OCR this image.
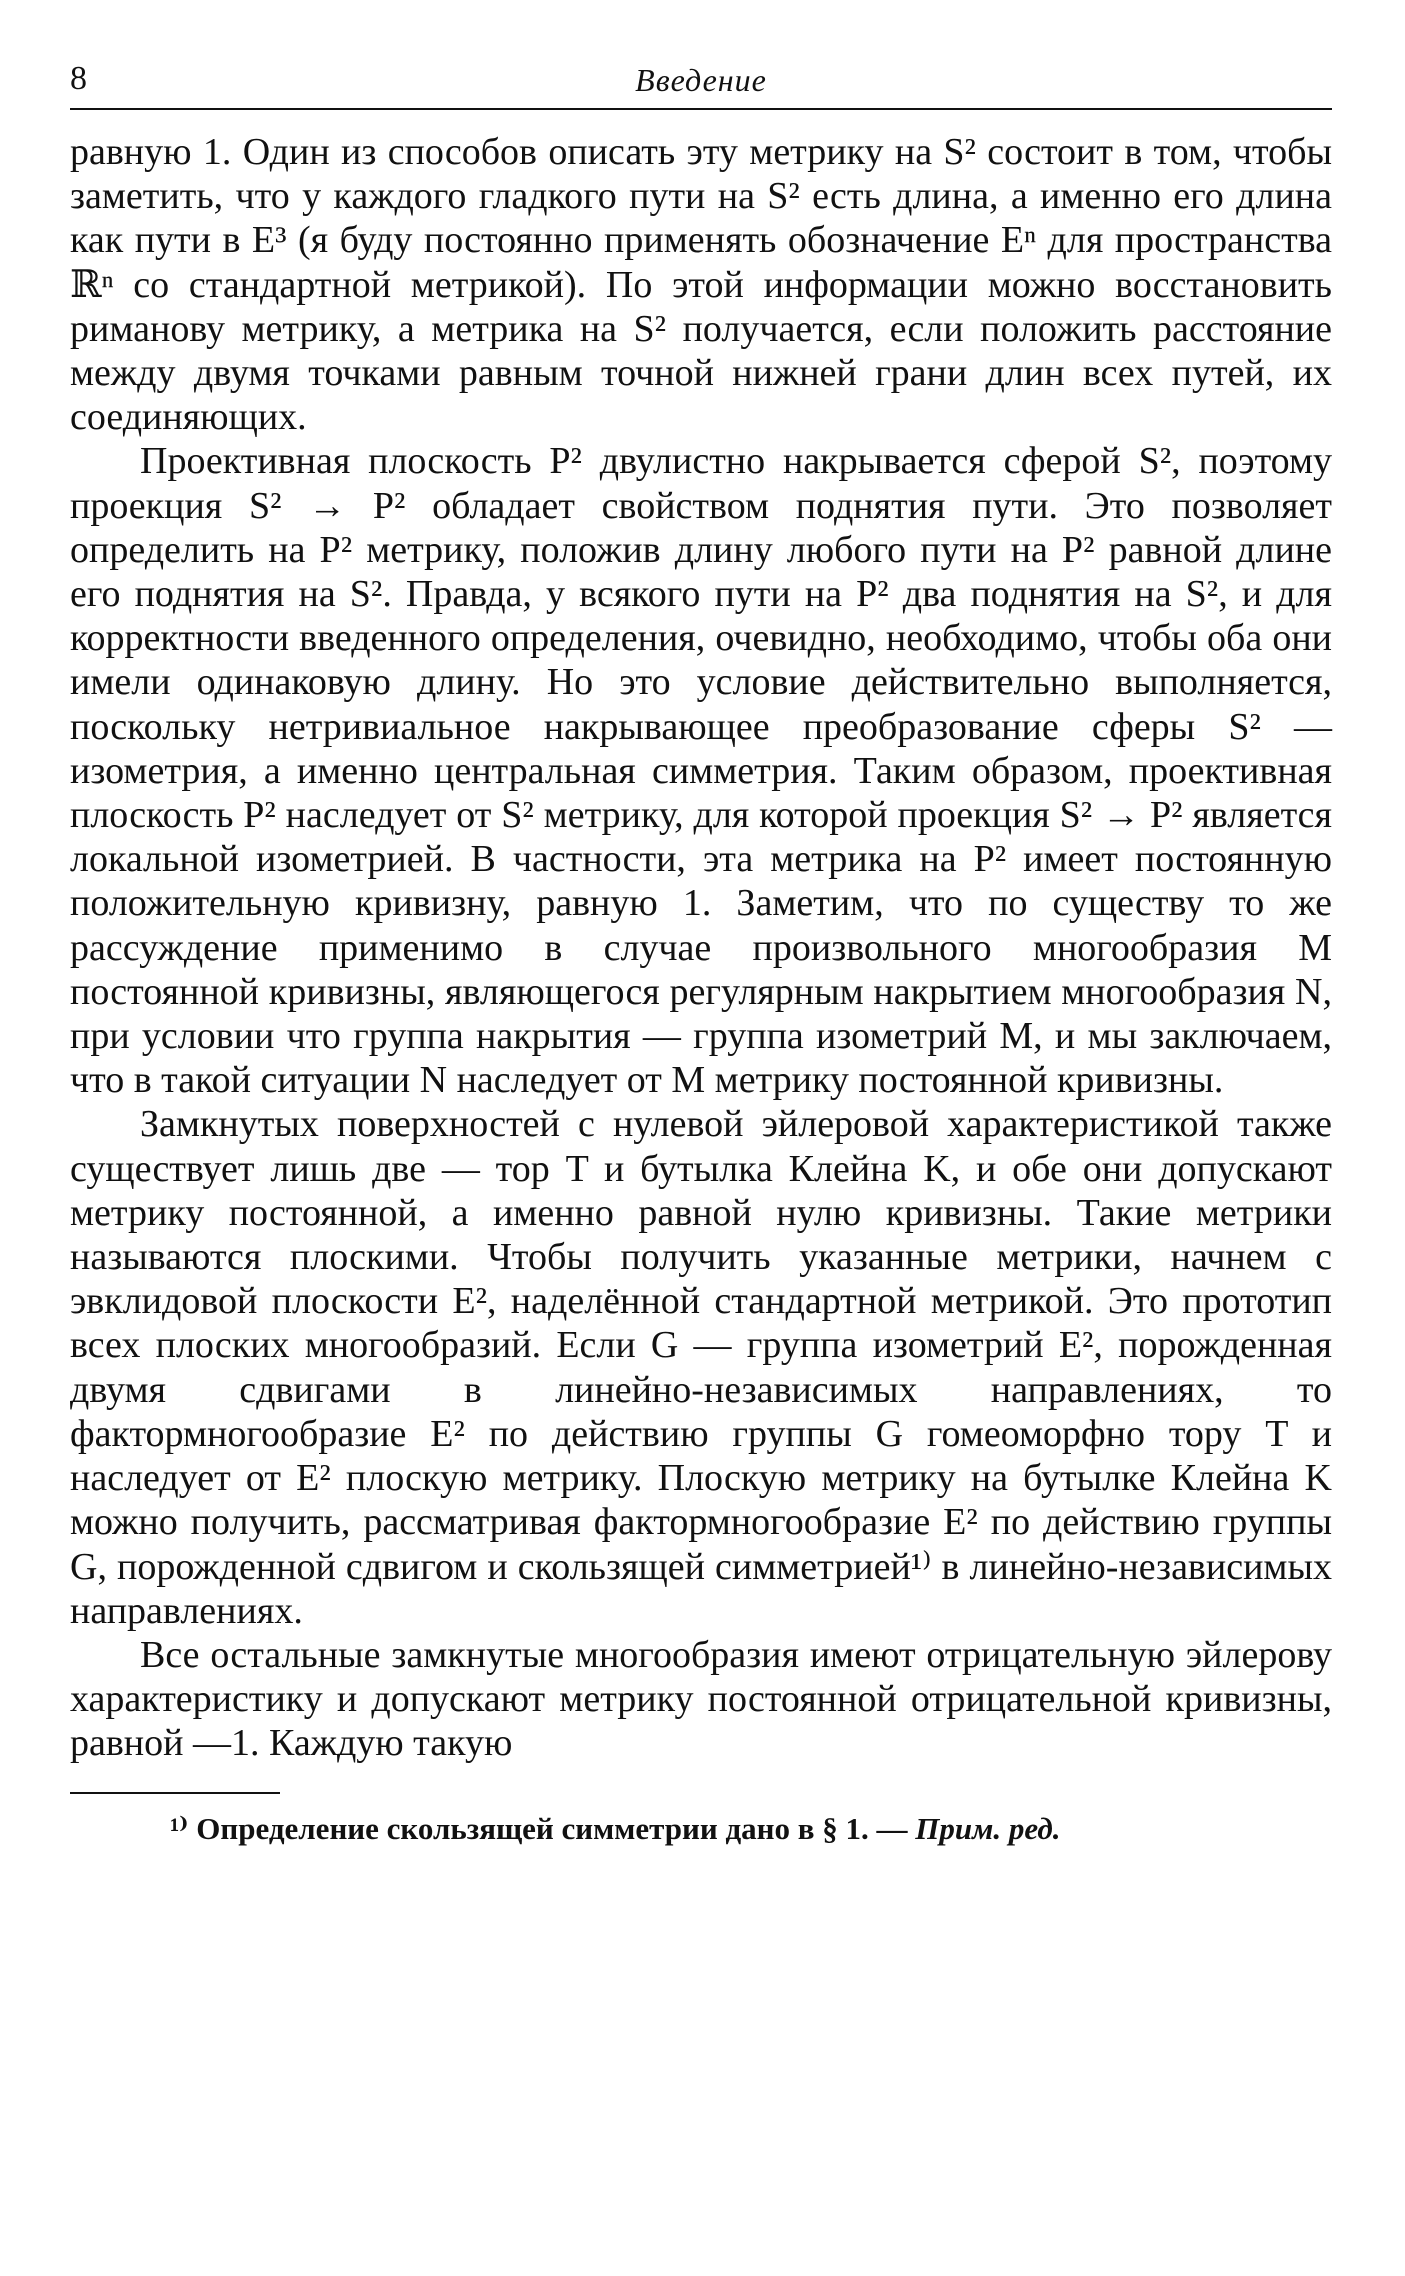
8	Введение

равную 1. Один из способов описать эту метрику на S² состоит в том, чтобы заметить, что у каждого гладкого пути на S² есть длина, а именно его длина как пути в E³ (я буду постоянно применять обозначение Eⁿ для пространства ℝⁿ со стандартной метрикой). По этой информации можно восстановить риманову метрику, а метрика на S² получается, если положить расстояние между двумя точками равным точной нижней грани длин всех путей, их соединяющих.

Проективная плоскость P² двулистно накрывается сферой S², поэтому проекция S² → P² обладает свойством поднятия пути. Это позволяет определить на P² метрику, положив длину любого пути на P² равной длине его поднятия на S². Правда, у всякого пути на P² два поднятия на S², и для корректности введенного определения, очевидно, необходимо, чтобы оба они имели одинаковую длину. Но это условие действительно выполняется, поскольку нетривиальное накрывающее преобразование сферы S² — изометрия, а именно центральная симметрия. Таким образом, проективная плоскость P² наследует от S² метрику, для которой проекция S² → P² является локальной изометрией. В частности, эта метрика на P² имеет постоянную положительную кривизну, равную 1. Заметим, что по существу то же рассуждение применимо в случае произвольного многообразия M постоянной кривизны, являющегося регулярным накрытием многообразия N, при условии что группа накрытия — группа изометрий M, и мы заключаем, что в такой ситуации N наследует от M метрику постоянной кривизны.

Замкнутых поверхностей с нулевой эйлеровой характеристикой также существует лишь две — тор T и бутылка Клейна K, и обе они допускают метрику постоянной, а именно равной нулю кривизны. Такие метрики называются плоскими. Чтобы получить указанные метрики, начнем с эвклидовой плоскости E², наделённой стандартной метрикой. Это прототип всех плоских многообразий. Если G — группа изометрий E², порожденная двумя сдвигами в линейно-независимых направлениях, то фактормногообразие E² по действию группы G гомеоморфно тору T и наследует от E² плоскую метрику. Плоскую метрику на бутылке Клейна K можно получить, рассматривая фактормногообразие E² по действию группы G, порожденной сдвигом и скользящей симметрией¹⁾ в линейно-независимых направлениях.

Все остальные замкнутые многообразия имеют отрицательную эйлерову характеристику и допускают метрику постоянной отрицательной кривизны, равной —1. Каждую такую

¹⁾ Определение скользящей симметрии дано в § 1. — Прим. ред.
